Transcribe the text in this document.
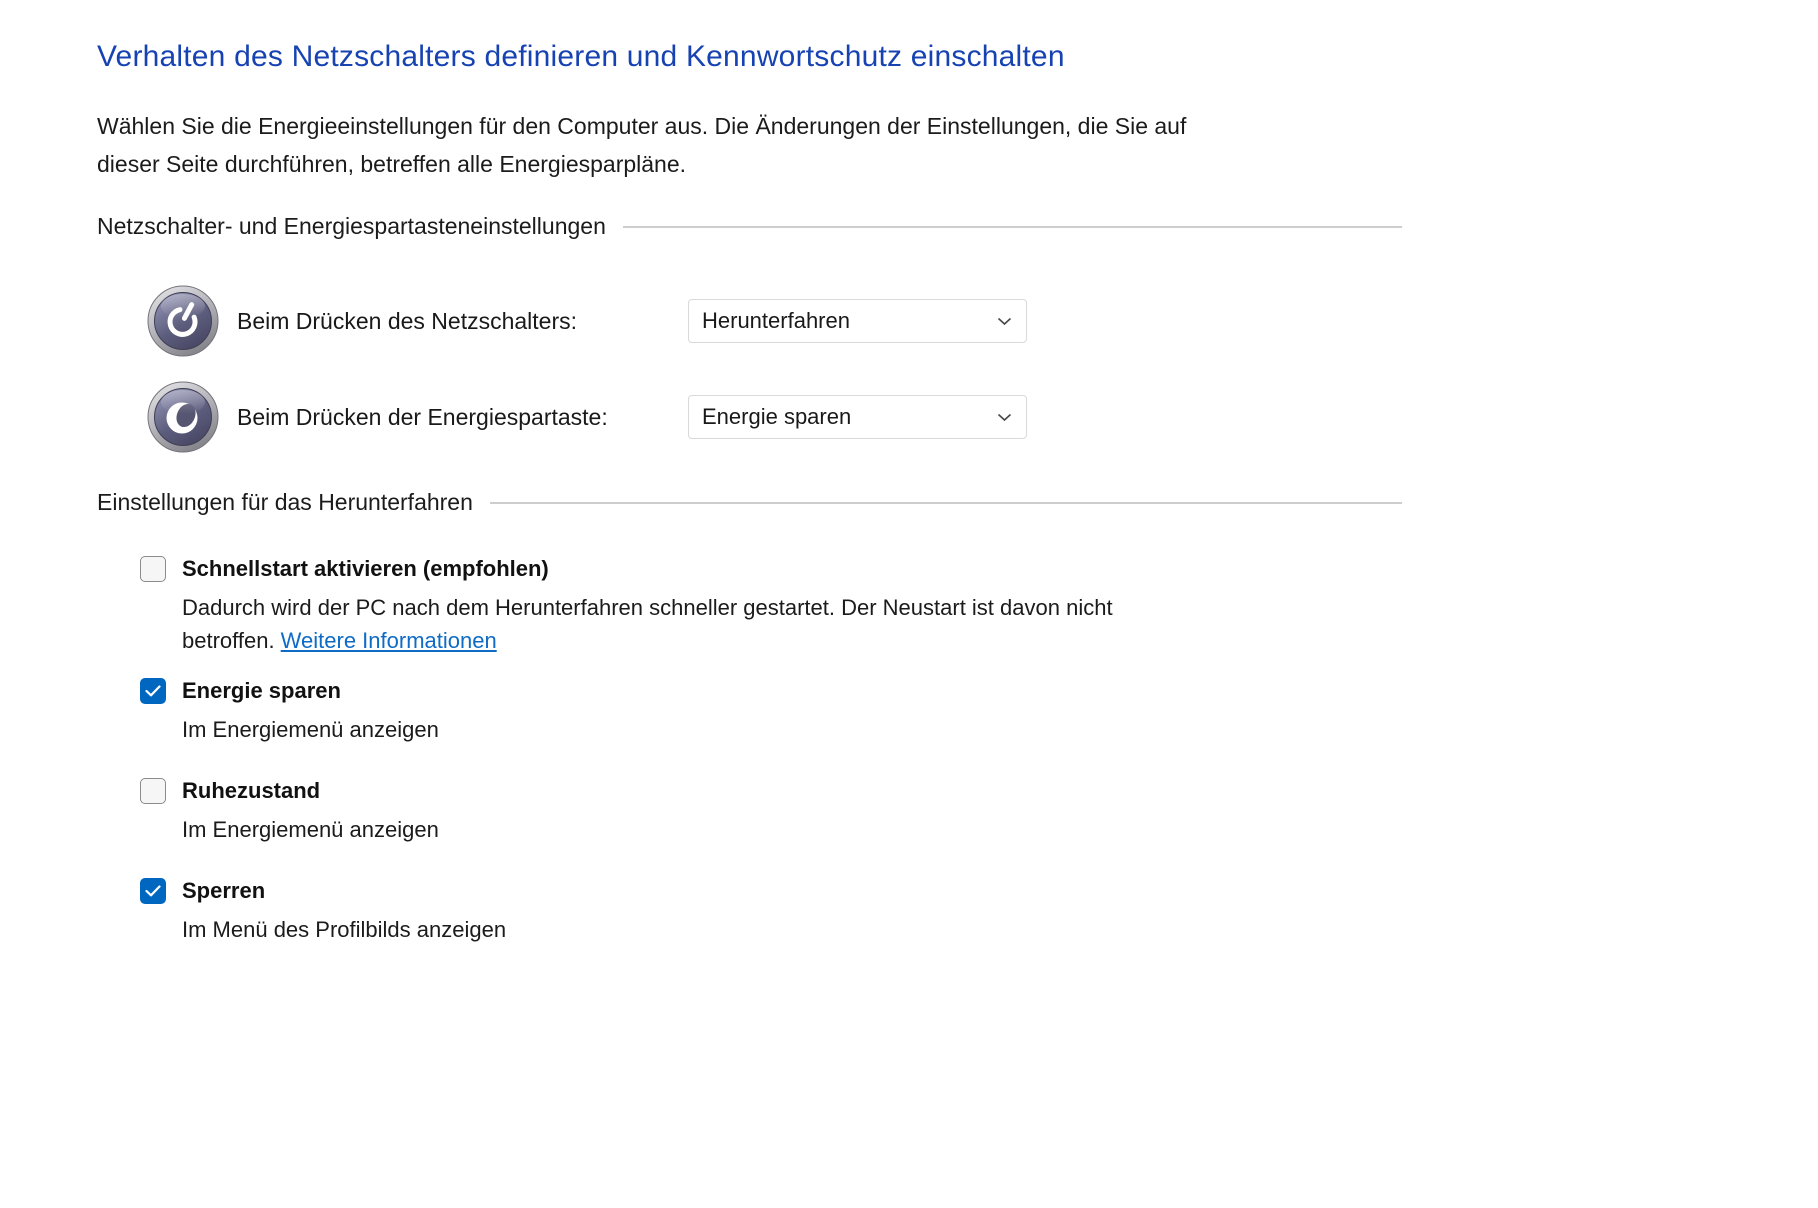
Verhalten des Netzschalters definieren und Kennwortschutz einschalten
Wählen Sie die Energieeinstellungen für den Computer aus. Die Änderungen der Einstellungen, die Sie auf
dieser Seite durchführen, betreffen alle Energiesparpläne.
Netzschalter- und Energiespartasteneinstellungen
Beim Drücken des Netzschalters:	Herunterfahren
Beim Drücken der Energiespartaste:	Energie sparen
Einstellungen für das Herunterfahren
Schnellstart aktivieren (empfohlen)
Dadurch wird der PC nach dem Herunterfahren schneller gestartet. Der Neustart ist davon nicht
betroffen. Weitere Informationen
Energie sparen
Im Energiemenü anzeigen
Ruhezustand
Im Energiemenü anzeigen
Sperren
Im Menü des Profilbilds anzeigen
